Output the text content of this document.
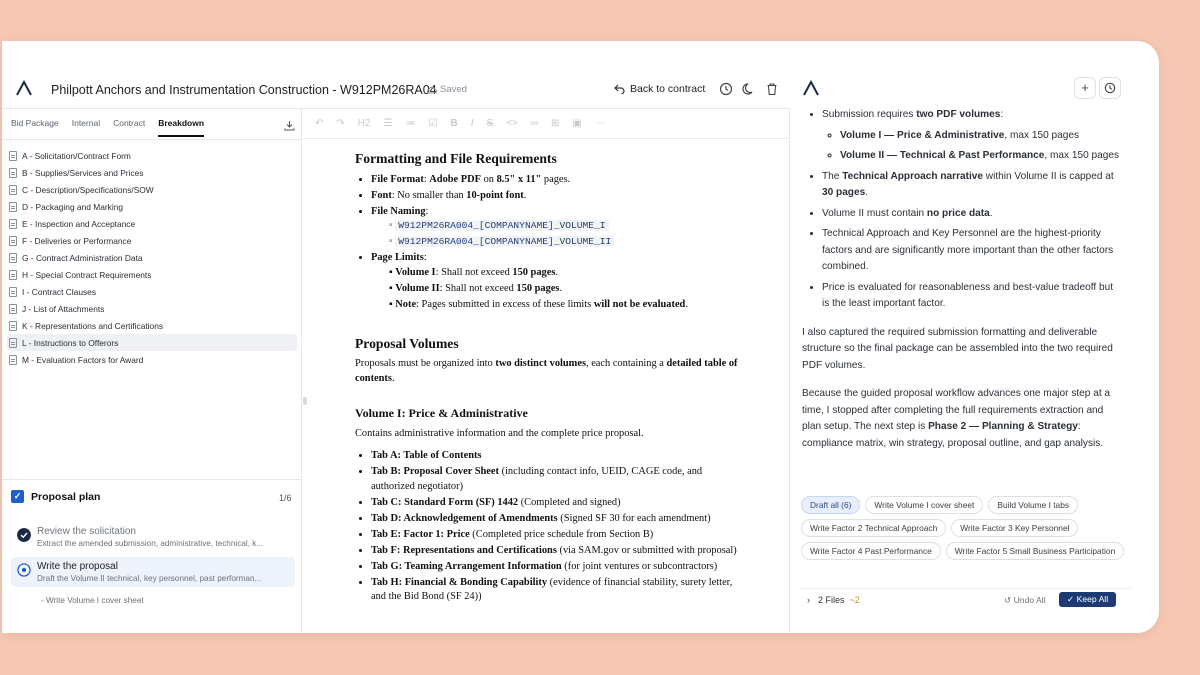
Philpott Anchors and Instrumentation Construction - W912PM26RA04 Saved	Back to contract
Bid Package Internal Contract Breakdown
A - Solicitation/Contract Form
B - Supplies/Services and Prices
C - Description/Specifications/SOW
D - Packaging and Marking
E - Inspection and Acceptance
F - Deliveries or Performance
G - Contract Administration Data
H - Special Contract Requirements
I - Contract Clauses
J - List of Attachments
K - Representations and Certifications
L - Instructions to Offerors
M - Evaluation Factors for Award
✓ Proposal plan	1/6
Review the solicitation
Extract the amended submission, administrative, technical, k...
Write the proposal
Draft the Volume II technical, key personnel, past performan...
- Write Volume I cover sheet
↶ ↷ H2 ☰ ≔ ☑ B I S <> ∞ ⊞ ▣ ⋯
Formatting and File Requirements
• File Format: Adobe PDF on 8.5" x 11" pages.
• Font: No smaller than 10-point font.
• File Naming:
◦ W912PM26RA004_[COMPANYNAME]_VOLUME_I
◦ W912PM26RA004_[COMPANYNAME]_VOLUME_II
• Page Limits:
▪ Volume I: Shall not exceed 150 pages.
▪ Volume II: Shall not exceed 150 pages.
▪ Note: Pages submitted in excess of these limits will not be evaluated.
Proposal Volumes

Proposals must be organized into two distinct volumes, each containing a detailed table of contents.

Volume I: Price & Administrative

Contains administrative information and the complete price proposal.

• Tab A: Table of Contents
• Tab B: Proposal Cover Sheet (including contact info, UEID, CAGE code, and authorized negotiator)
• Tab C: Standard Form (SF) 1442 (Completed and signed)
• Tab D: Acknowledgement of Amendments (Signed SF 30 for each amendment)
• Tab E: Factor 1: Price (Completed price schedule from Section B)
• Tab F: Representations and Certifications (via SAM.gov or submitted with proposal)
• Tab G: Teaming Arrangement Information (for joint ventures or subcontractors)
• Tab H: Financial & Bonding Capability (evidence of financial stability, surety letter, and the Bid Bond (SF 24))
+
• Submission requires two PDF volumes:
◦ Volume I — Price & Administrative, max 150 pages
◦ Volume II — Technical & Past Performance, max 150 pages
• The Technical Approach narrative within Volume II is capped at 30 pages.
• Volume II must contain no price data.
• Technical Approach and Key Personnel are the highest-priority factors and are significantly more important than the other factors combined.
• Price is evaluated for reasonableness and best-value tradeoff but is the least important factor.

I also captured the required submission formatting and deliverable structure so the final package can be assembled into the two required PDF volumes.

Because the guided proposal workflow advances one major step at a time, I stopped after completing the full requirements extraction and plan setup. The next step is Phase 2 — Planning & Strategy: compliance matrix, win strategy, proposal outline, and gap analysis.

Draft all (6)	Write Volume I cover sheet	Build Volume I tabs
Write Factor 2 Technical Approach	Write Factor 3 Key Personnel
Write Factor 4 Past Performance	Write Factor 5 Small Business Participation
› 2 Files ~2	↺ Undo All	✓ Keep All
